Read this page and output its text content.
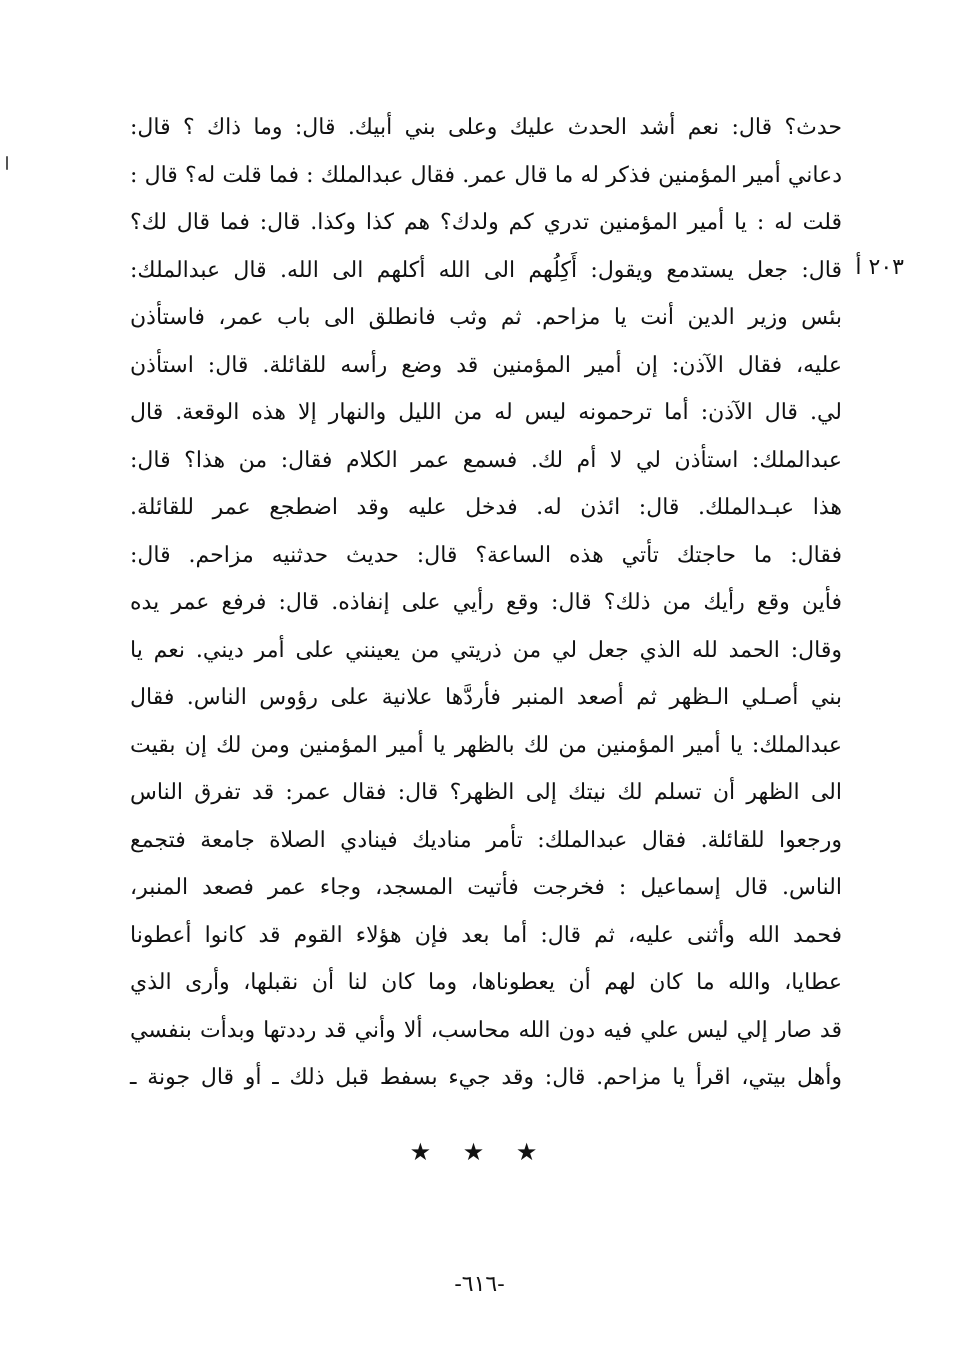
٢٠٣ أ
حدث؟ قال: نعم أشد الحدث عليك وعلى بني أبيك. قال: وما ذاك ؟ قال:
دعاني أمير المؤمنين فذكر له ما قال عمر. فقال عبدالملك : فما قلت له؟ قال :
قلت له : يا أمير المؤمنين تدري كم ولدك؟ هم كذا وكذا. قال: فما قال لك؟
قال: جعل يستدمع ويقول: أَكِلُهم الى الله أكلهم الى الله. قال عبدالملك:
بئس وزير الدين أنت يا مزاحم. ثم وثب فانطلق الى باب عمر، فاستأذن
عليه، فقال الآذن: إن أمير المؤمنين قد وضع رأسه للقائلة. قال: استأذن
لي. قال الآذن: أما ترحمونه ليس له من الليل والنهار إلا هذه الوقعة. قال
عبدالملك: استأذن لي لا أم لك. فسمع عمر الكلام فقال: من هذا؟ قال:
هذا عبـدالملك. قال: ائذن له. فدخل عليه وقد اضطجع عمر للقائلة.
فقال: ما حاجتك تأتي هذه الساعة؟ قال: حديث حدثنيه مزاحم. قال:
فأين وقع رأيك من ذلك؟ قال: وقع رأيي على إنفاذه. قال: فرفع عمر يده
وقال: الحمد لله الذي جعل لي من ذريتي من يعينني على أمر ديني. نعم يا
بني أصـلي الـظهر ثم أصعد المنبر فأردَّها علانية على رؤوس الناس. فقال
عبدالملك: يا أمير المؤمنين من لك بالظهر يا أمير المؤمنين ومن لك إن بقيت
الى الظهر أن تسلم لك نيتك إلى الظهر؟ قال: فقال عمر: قد تفرق الناس
ورجعوا للقائلة. فقال عبدالملك: تأمر مناديك فينادي الصلاة جامعة فتجمع
الناس. قال إسماعيل : فخرجت فأتيت المسجد، وجاء عمر فصعد المنبر،
فحمد الله وأثنى عليه، ثم قال: أما بعد فإن هؤلاء القوم قد كانوا أعطونا
عطايا، والله ما كان لهم أن يعطوناها، وما كان لنا أن نقبلها، وأرى الذي
قد صار إلي ليس علي فيه دون الله محاسب، ألا وأني قد رددتها وبدأت بنفسي
وأهل بيتي، اقرأ يا مزاحم. قال: وقد جيء بسفط قبل ذلك ـ أو قال جونة ـ
★ ★ ★
-٦١٦-
